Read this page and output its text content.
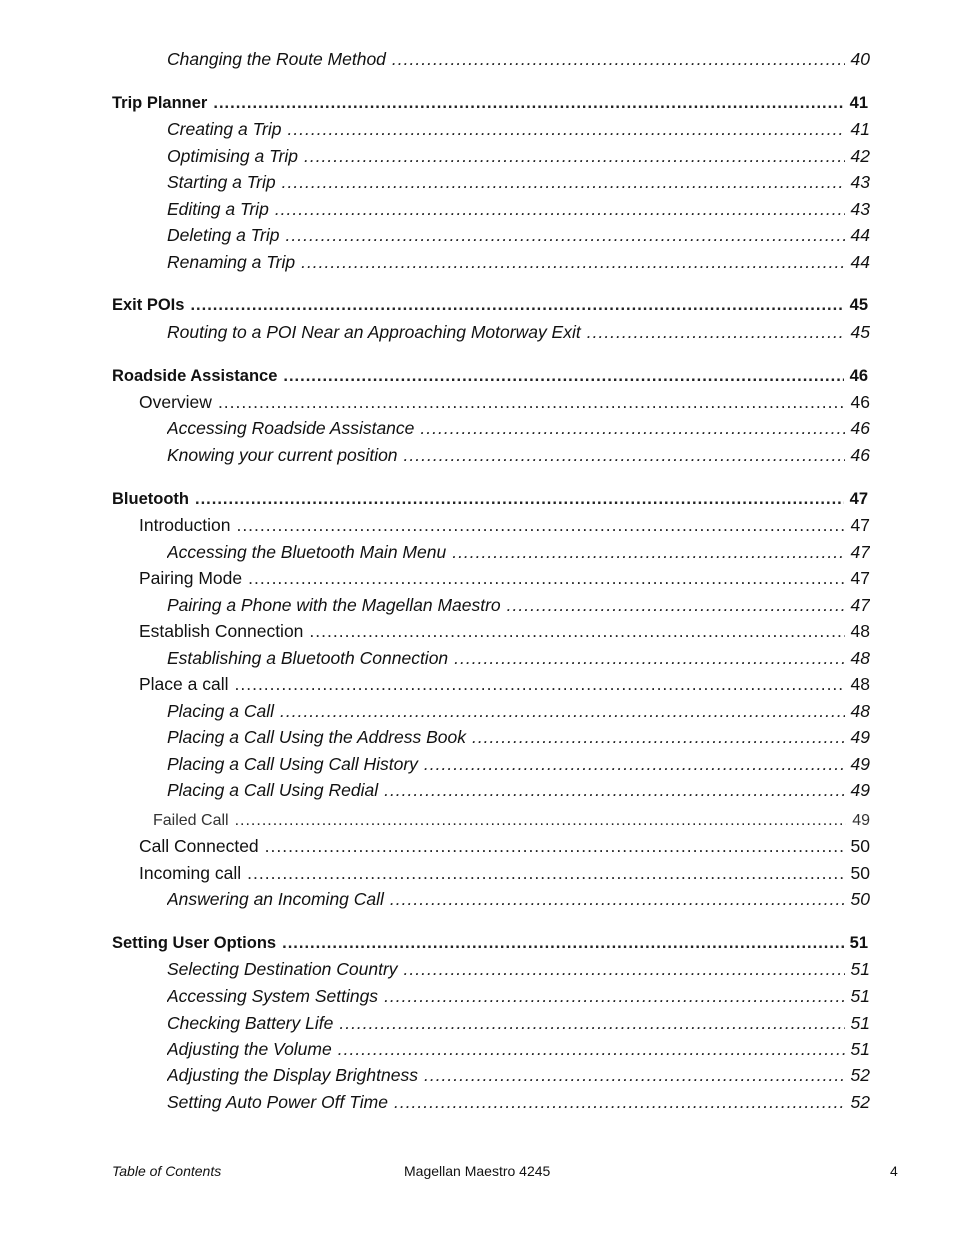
Changing the Route Method .....	40
Trip Planner .....	41
Creating a Trip .....	41
Optimising a Trip .....	42
Starting a Trip .....	43
Editing a Trip .....	43
Deleting a Trip .....	44
Renaming a Trip .....	44
Exit POIs .....	45
Routing to a POI Near an Approaching Motorway Exit .....	45
Roadside Assistance .....	46
Overview .....	46
Accessing Roadside Assistance .....	46
Knowing your current position .....	46
Bluetooth .....	47
Introduction .....	47
Accessing the Bluetooth Main Menu .....	47
Pairing Mode .....	47
Pairing a Phone with the Magellan Maestro .....	47
Establish Connection .....	48
Establishing a Bluetooth Connection .....	48
Place a call .....	48
Placing a Call .....	48
Placing a Call Using the Address Book .....	49
Placing a Call Using Call History .....	49
Placing a Call Using Redial .....	49
Failed Call .....	49
Call Connected .....	50
Incoming call .....	50
Answering an Incoming Call .....	50
Setting User Options .....	51
Selecting Destination Country .....	51
Accessing System Settings .....	51
Checking Battery Life .....	51
Adjusting the Volume .....	51
Adjusting the Display Brightness .....	52
Setting Auto Power Off Time .....	52
Table of Contents	Magellan Maestro 4245	4
